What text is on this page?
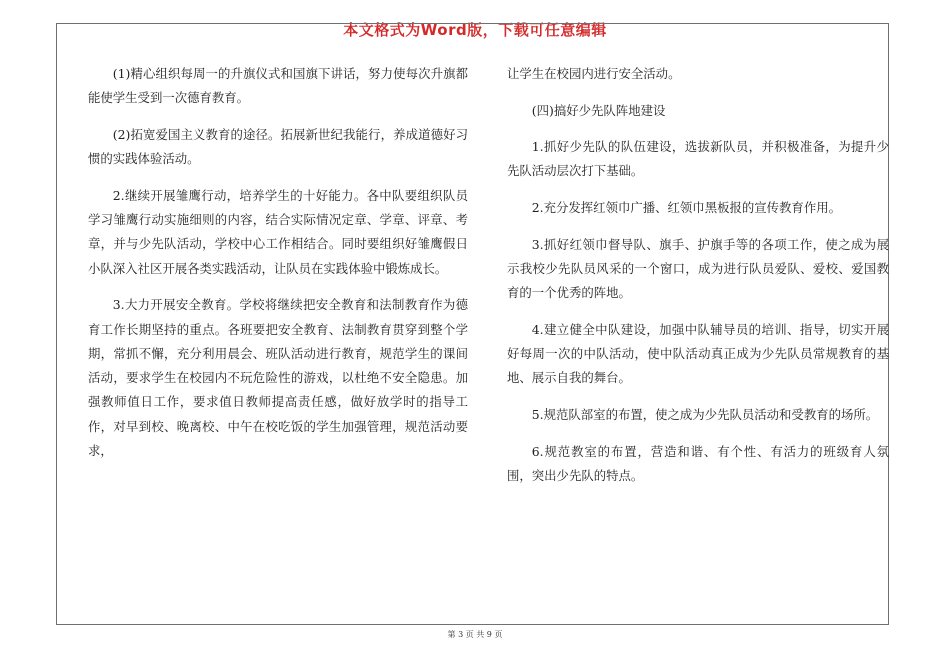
本文格式为Word版，下载可任意编辑

(1)精心组织每周一的升旗仪式和国旗下讲话，努力使每次升旗都能使学生受到一次德育教育。

(2)拓宽爱国主义教育的途径。拓展新世纪我能行，养成道德好习惯的实践体验活动。

2.继续开展雏鹰行动，培养学生的十好能力。各中队要组织队员学习雏鹰行动实施细则的内容，结合实际情况定章、学章、评章、考章，并与少先队活动，学校中心工作相结合。同时要组织好雏鹰假日小队深入社区开展各类实践活动，让队员在实践体验中锻炼成长。

3.大力开展安全教育。学校将继续把安全教育和法制教育作为德育工作长期坚持的重点。各班要把安全教育、法制教育贯穿到整个学期，常抓不懈，充分利用晨会、班队活动进行教育，规范学生的课间活动，要求学生在校园内不玩危险性的游戏，以杜绝不安全隐患。加强教师值日工作，要求值日教师提高责任感，做好放学时的指导工作，对早到校、晚离校、中午在校吃饭的学生加强管理，规范活动要求，

让学生在校园内进行安全活动。

(四)搞好少先队阵地建设

1.抓好少先队的队伍建设，选拔新队员，并积极准备，为提升少先队活动层次打下基础。

2.充分发挥红领巾广播、红领巾黑板报的宣传教育作用。

3.抓好红领巾督导队、旗手、护旗手等的各项工作，使之成为展示我校少先队员风采的一个窗口，成为进行队员爱队、爱校、爱国教育的一个优秀的阵地。

4.建立健全中队建设，加强中队辅导员的培训、指导，切实开展好每周一次的中队活动，使中队活动真正成为少先队员常规教育的基地、展示自我的舞台。

5.规范队部室的布置，使之成为少先队员活动和受教育的场所。

6.规范教室的布置，营造和谐、有个性、有活力的班级育人氛围，突出少先队的特点。

第 3 页 共 9 页
